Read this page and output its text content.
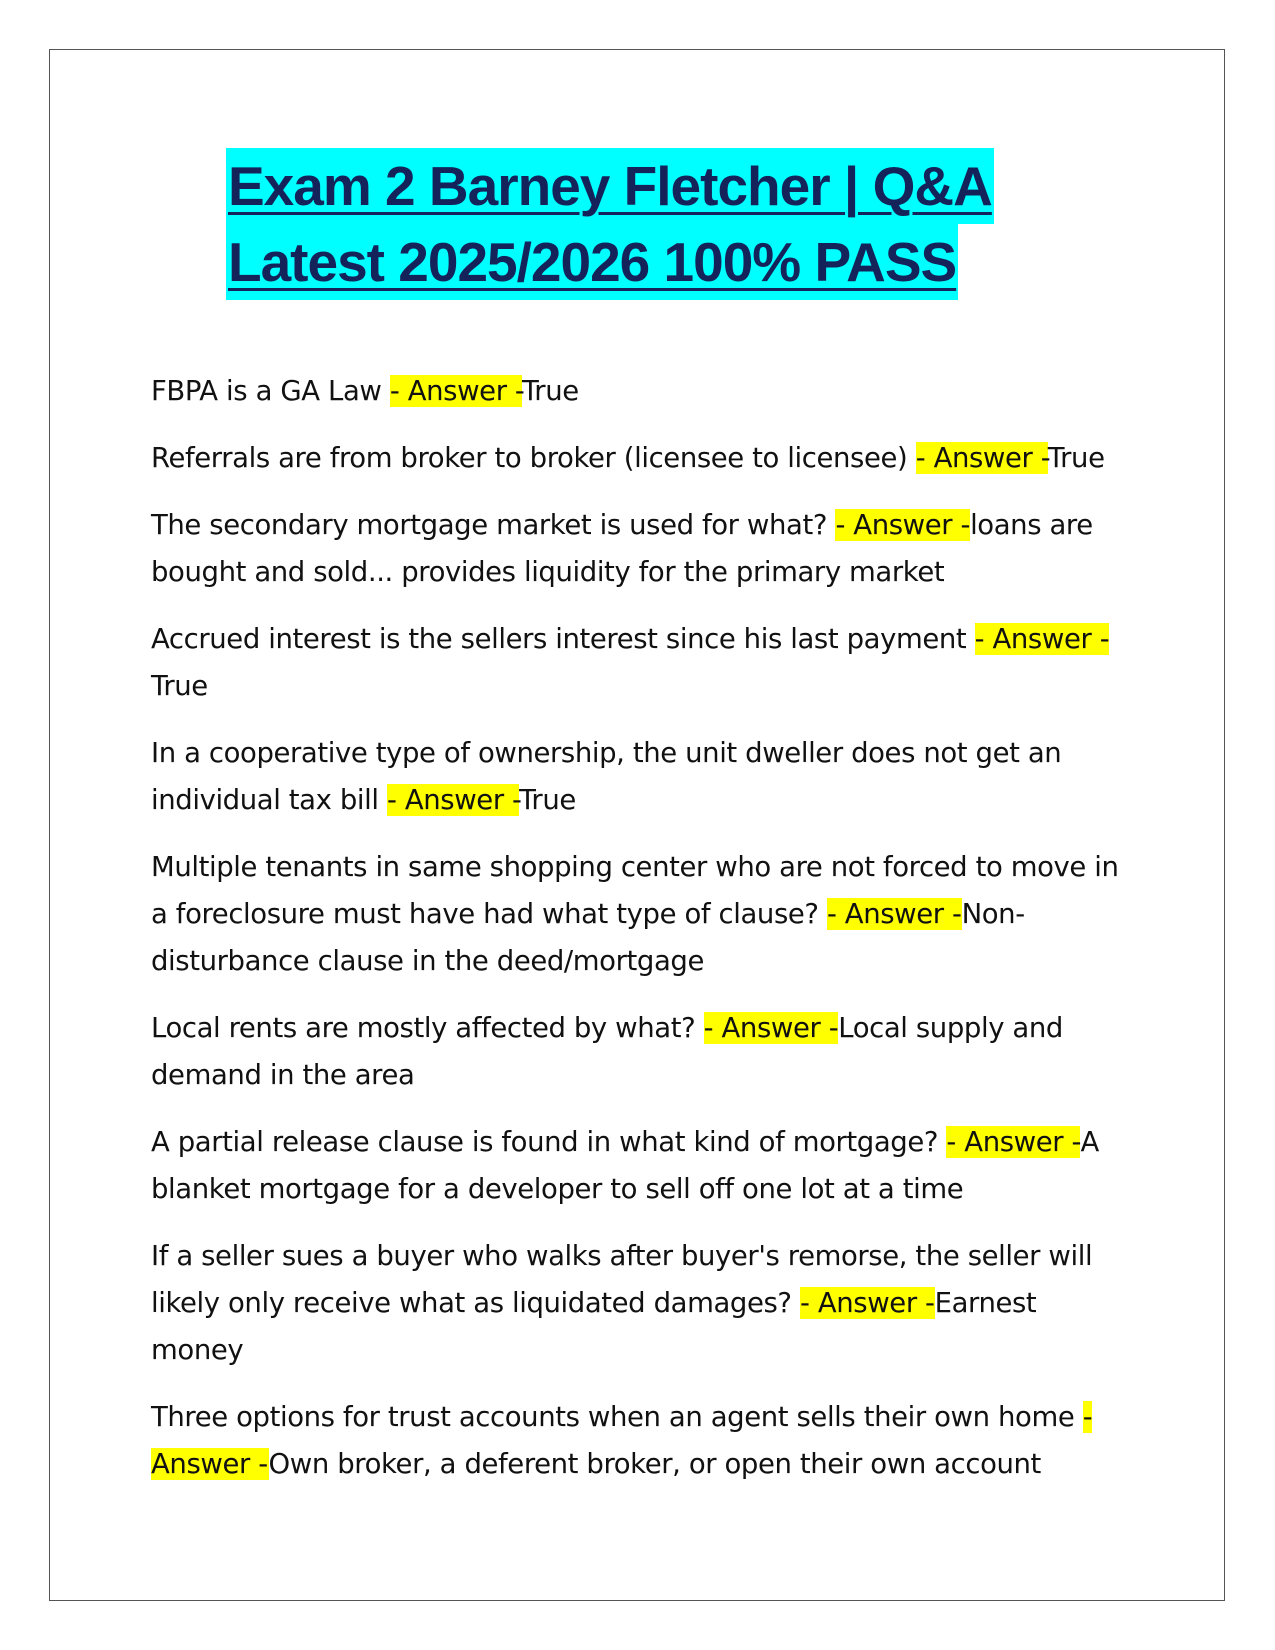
Exam 2 Barney Fletcher | Q&A
Latest 2025/2026 100% PASS

FBPA is a GA Law - Answer -True

Referrals are from broker to broker (licensee to licensee) - Answer -True

The secondary mortgage market is used for what? - Answer -loans are bought and sold... provides liquidity for the primary market

Accrued interest is the sellers interest since his last payment - Answer -
True

In a cooperative type of ownership, the unit dweller does not get an individual tax bill - Answer -True

Multiple tenants in same shopping center who are not forced to move in a foreclosure must have had what type of clause? - Answer -Non-disturbance clause in the deed/mortgage

Local rents are mostly affected by what? - Answer -Local supply and demand in the area

A partial release clause is found in what kind of mortgage? - Answer -A blanket mortgage for a developer to sell off one lot at a time

If a seller sues a buyer who walks after buyer's remorse, the seller will likely only receive what as liquidated damages? - Answer -Earnest money

Three options for trust accounts when an agent sells their own home - Answer -Own broker, a deferent broker, or open their own account
